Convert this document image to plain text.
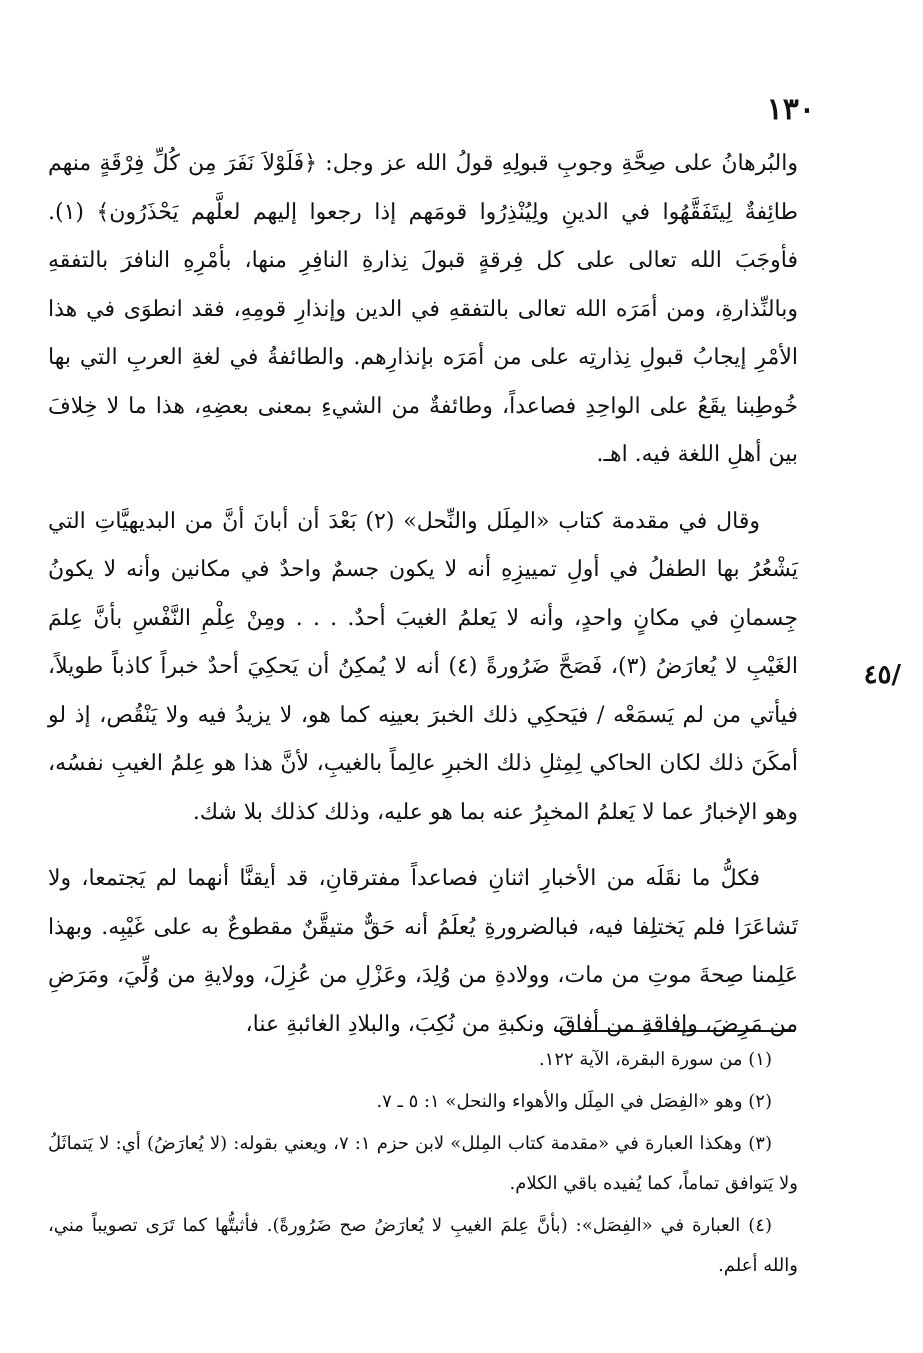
١٣٠
/٤٥

والبُرهانُ على صِحَّةِ وجوبِ قبولِهِ قولُ الله عز وجل: ﴿فَلَوْلاَ نَفَرَ مِن كُلِّ فِرْقَةٍ منهم طائِفةٌ لِيتَفَقَّهُوا في الدينِ ولِيُنْذِرُوا قومَهم إذا رجعوا إليهم لعلَّهم يَحْذَرُون﴾ (١). فأوجَبَ الله تعالى على كل فِرقةٍ قبولَ نِذارةِ النافِرِ منها، بأمْرِهِ النافرَ بالتفقهِ وبالنِّذارةِ، ومن أمَرَه الله تعالى بالتفقهِ في الدين وإنذارِ قومِهِ، فقد انطوَى في هذا الأمْرِ إيجابُ قبولِ نِذارتِه على من أمَرَه بإنذارِهم. والطائفةُ في لغةِ العربِ التي بها خُوطِبنا يقَعُ على الواحِدِ فصاعداً، وطائفةٌ من الشيءِ بمعنى بعضِهِ، هذا ما لا خِلافَ بين أهلِ اللغة فيه. اهـ.

وقال في مقدمة كتاب «المِلَل والنِّحل» (٢) بَعْدَ أن أبانَ أنَّ من البديهيَّاتِ التي يَشْعُرُ بها الطفلُ في أولِ تمييزِهِ أنه لا يكون جسمٌ واحدٌ في مكانين وأنه لا يكونُ جِسمانِ في مكانٍ واحدٍ، وأنه لا يَعلمُ الغيبَ أحدٌ. . . . ومِنْ عِلْمِ النَّفْسِ بأنَّ عِلمَ الغَيْبِ لا يُعارَضُ (٣)، فَصَحَّ ضَرُورةً (٤) أنه لا يُمكِنُ أن يَحكِيَ أحدٌ خبراً كاذباً طويلاً، فيأتي من لم يَسمَعْه / فيَحكِي ذلك الخبرَ بعينِه كما هو، لا يزيدُ فيه ولا يَنْقُص، إذ لو أمكَنَ ذلك لكان الحاكي لِمِثلِ ذلك الخبرِ عالِماً بالغيبِ، لأنَّ هذا هو عِلمُ الغيبِ نفسُه، وهو الإخبارُ عما لا يَعلمُ المخبِرُ عنه بما هو عليه، وذلك كذلك بلا شك.

فكلُّ ما نقَلَه من الأخبارِ اثنانِ فصاعداً مفترقانِ، قد أيقنَّا أنهما لم يَجتمعا، ولا تَشاعَرَا فلم يَختلِفا فيه، فبالضرورةِ يُعلَمُ أنه حَقٌّ متيقَّنٌ مقطوعٌ به على غَيْبِه. وبهذا عَلِمنا صِحةَ موتِ من مات، وولادةِ من وُلِدَ، وعَزْلِ من عُزِلَ، وولايةِ من وُلِّيَ، ومَرَضِ من مَرِضَ، وإفاقةِ من أفاقَ، ونكبةِ من نُكِبَ، والبلادِ الغائبةِ عنا،

(١) من سورة البقرة، الآية ١٢٢.

(٢) وهو «الفِصَل في المِلَل والأهواء والنحل» ١: ٥ ـ ٧.

(٣) وهكذا العبارة في «مقدمة كتاب المِلل» لابن حزم ١: ٧، ويعني بقوله: (لا يُعارَضُ) أي: لا يَتماثَلُ ولا يَتوافق تماماً، كما يُفيده باقي الكلام.

(٤) العبارة في «الفِصَل»: (بأنَّ عِلمَ الغيبِ لا يُعارَضُ صح ضَرُورةً). فأثبتُّها كما تَرَى تصويباً مني، والله أعلم.
